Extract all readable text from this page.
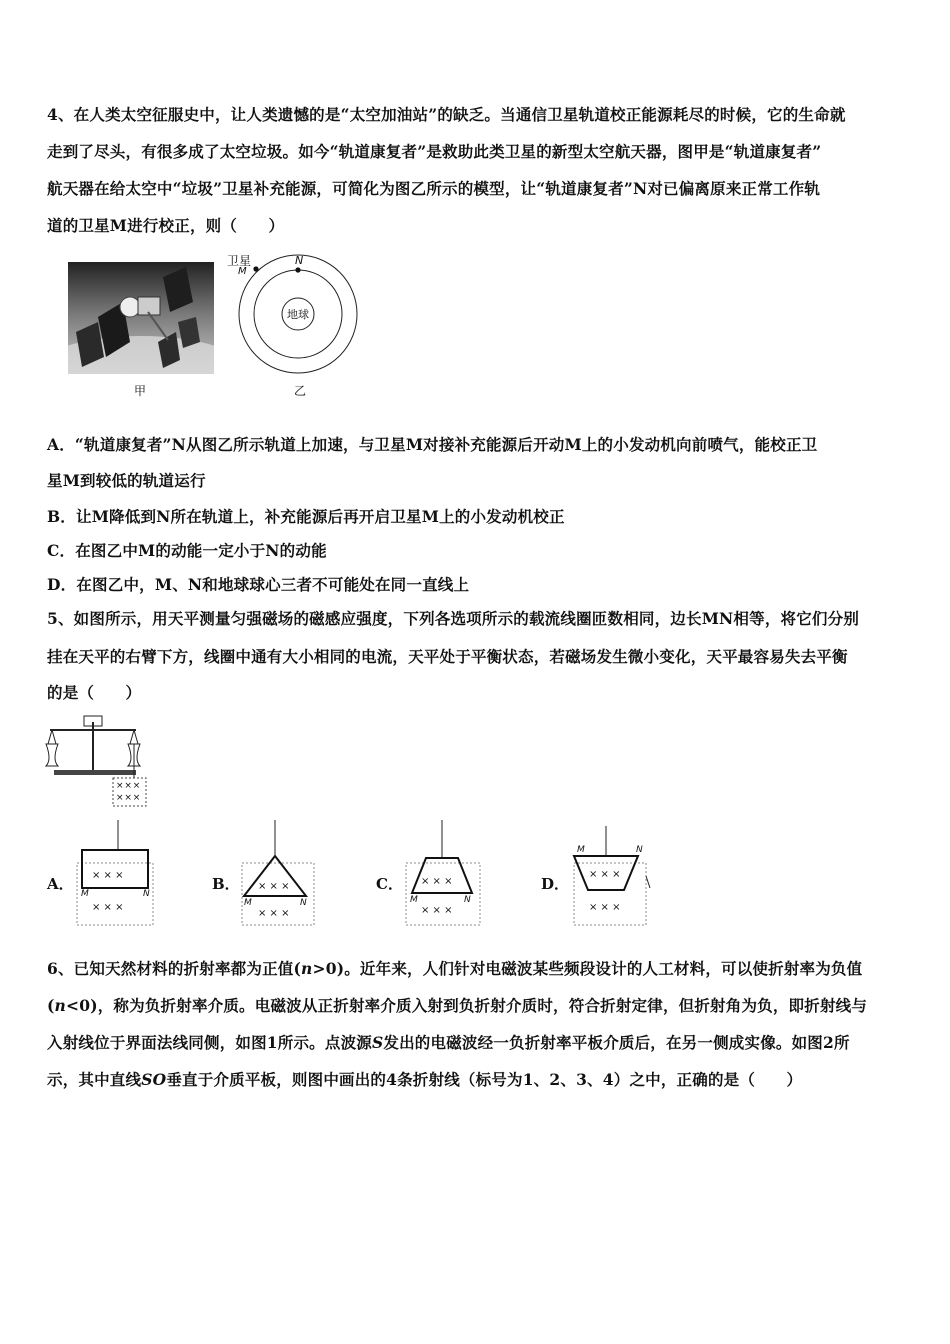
4、在人类太空征服史中，让人类遗憾的是“太空加油站”的缺乏。当通信卫星轨道校正能源耗尽的时候，它的生命就
走到了尽头，有很多成了太空垃圾。如今“轨道康复者”是救助此类卫星的新型太空航天器，图甲是“轨道康复者”
航天器在给太空中“垃圾”卫星补充能源，可简化为图乙所示的模型，让“轨道康复者”N对已偏离原来正常工作轨
道的卫星M进行校正，则（　　）
甲
卫星
M
N
地球
乙
A．“轨道康复者”N从图乙所示轨道上加速，与卫星M对接补充能源后开动M上的小发动机向前喷气，能校正卫
星M到较低的轨道运行
B．让M降低到N所在轨道上，补充能源后再开启卫星M上的小发动机校正
C．在图乙中M的动能一定小于N的动能
D．在图乙中，M、N和地球球心三者不可能处在同一直线上
5、如图所示，用天平测量匀强磁场的磁感应强度，下列各选项所示的载流线圈匝数相同，边长MN相等，将它们分别
挂在天平的右臂下方，线圈中通有大小相同的电流，天平处于平衡状态，若磁场发生微小变化，天平最容易失去平衡
的是（　　）
× × ×
× × ×
A． × × ×
× × ×
M	N
B． × × ×
× × ×
M	N
C． × × ×
× × ×
M	N
D．
M	N
× × ×
× × ×
6、已知天然材料的折射率都为正值(n>0)。近年来，人们针对电磁波某些频段设计的人工材料，可以使折射率为负值
(n<0)，称为负折射率介质。电磁波从正折射率介质入射到负折射介质时，符合折射定律，但折射角为负，即折射线与
入射线位于界面法线同侧，如图1所示。点波源S发出的电磁波经一负折射率平板介质后，在另一侧成实像。如图2所
示，其中直线SO垂直于介质平板，则图中画出的4条折射线（标号为1、2、3、4）之中，正确的是（　　）
